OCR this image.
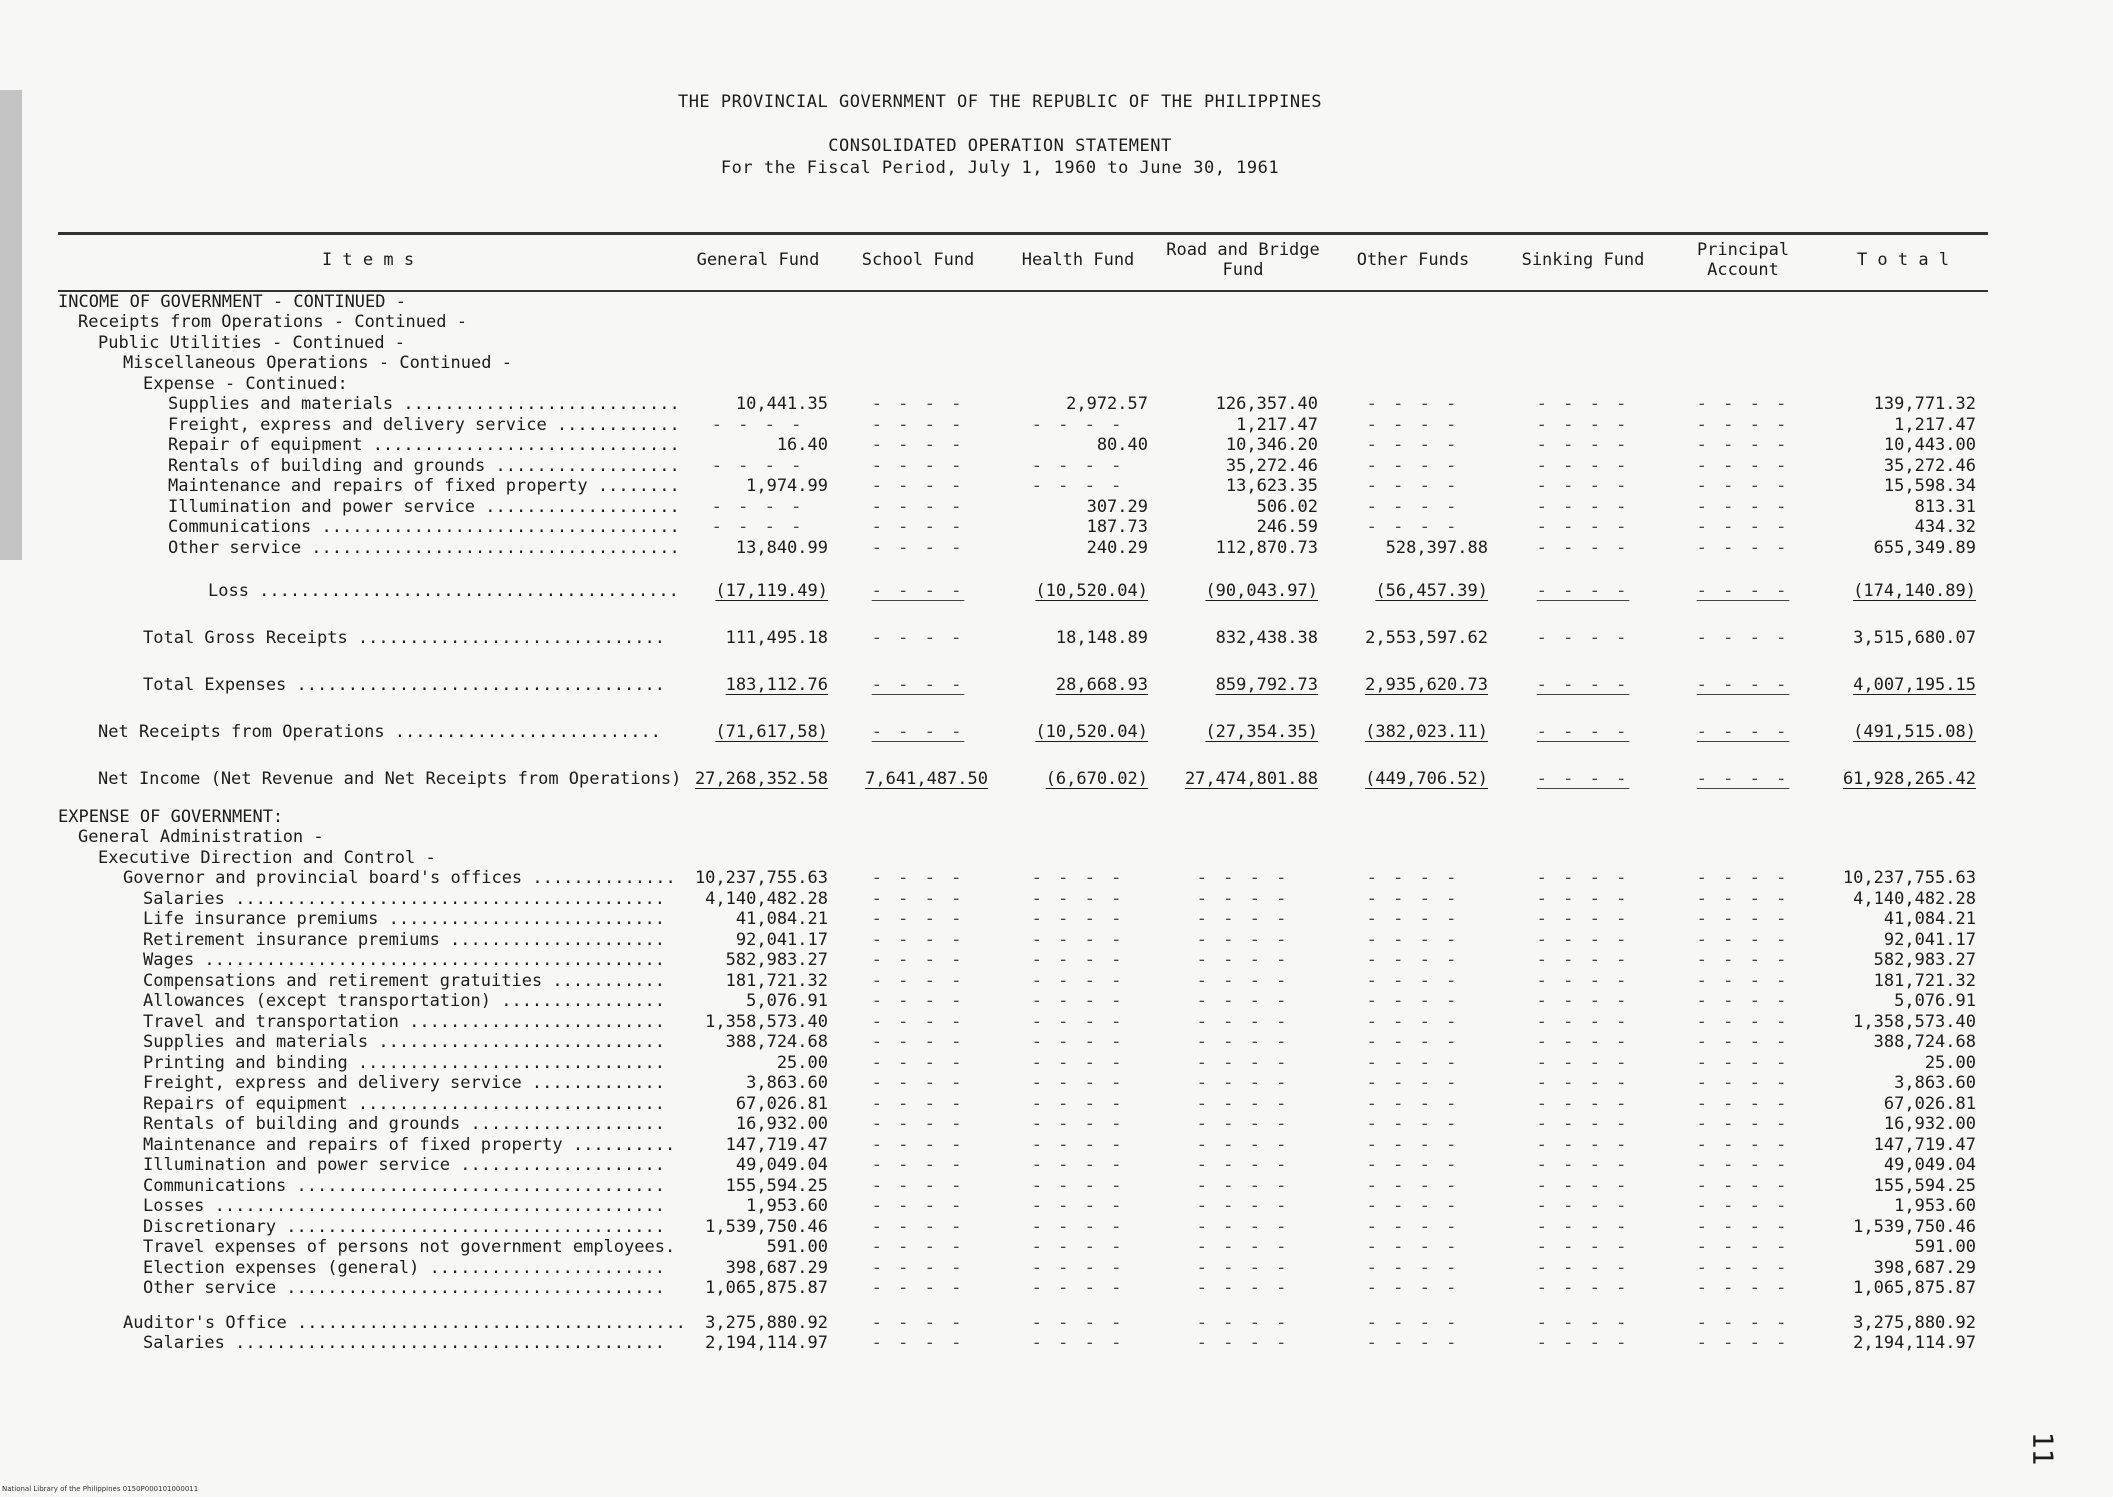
THE PROVINCIAL GOVERNMENT OF THE REPUBLIC OF THE PHILIPPINES
CONSOLIDATED OPERATION STATEMENT
For the Fiscal Period, July 1, 1960 to June 30, 1961
I t e m s	General Fund	School Fund	Health Fund	Road and Bridge Fund	Other Funds	Sinking Fund	Principal Account	T o t a l
INCOME OF GOVERNMENT - CONTINUED -								
Receipts from Operations - Continued -								
Public Utilities - Continued -								
Miscellaneous Operations - Continued -								
Expense - Continued:								
Supplies and materials ...........................	10,441.35	- - - -	2,972.57	126,357.40	- - - -	- - - -	- - - -	139,771.32
Freight, express and delivery service ............	- - - -	- - - -	- - - -	1,217.47	- - - -	- - - -	- - - -	1,217.47
Repair of equipment ..............................	16.40	- - - -	80.40	10,346.20	- - - -	- - - -	- - - -	10,443.00
Rentals of building and grounds ..................	- - - -	- - - -	- - - -	35,272.46	- - - -	- - - -	- - - -	35,272.46
Maintenance and repairs of fixed property ........	1,974.99	- - - -	- - - -	13,623.35	- - - -	- - - -	- - - -	15,598.34
Illumination and power service ...................	- - - -	- - - -	307.29	506.02	- - - -	- - - -	- - - -	813.31
Communications ...................................	- - - -	- - - -	187.73	246.59	- - - -	- - - -	- - - -	434.32
Other service ....................................	13,840.99	- - - -	240.29	112,870.73	528,397.88	- - - -	- - - -	655,349.89
Loss .........................................	(17,119.49)	- - - -	(10,520.04)	(90,043.97)	(56,457.39)	- - - -	- - - -	(174,140.89)
Total Gross Receipts ..............................	111,495.18	- - - -	18,148.89	832,438.38	2,553,597.62	- - - -	- - - -	3,515,680.07
Total Expenses ....................................	183,112.76	- - - -	28,668.93	859,792.73	2,935,620.73	- - - -	- - - -	4,007,195.15
Net Receipts from Operations ..........................	(71,617,58)	- - - -	(10,520.04)	(27,354.35)	(382,023.11)	- - - -	- - - -	(491,515.08)
Net Income (Net Revenue and Net Receipts from Operations)	27,268,352.58	7,641,487.50	(6,670.02)	27,474,801.88	(449,706.52)	- - - -	- - - -	61,928,265.42
EXPENSE OF GOVERNMENT:								
General Administration -								
Executive Direction and Control -								
Governor and provincial board's offices ..............	10,237,755.63	- - - -	- - - -	- - - -	- - - -	- - - -	- - - -	10,237,755.63
Salaries ..........................................	4,140,482.28	- - - -	- - - -	- - - -	- - - -	- - - -	- - - -	4,140,482.28
Life insurance premiums ...........................	41,084.21	- - - -	- - - -	- - - -	- - - -	- - - -	- - - -	41,084.21
Retirement insurance premiums .....................	92,041.17	- - - -	- - - -	- - - -	- - - -	- - - -	- - - -	92,041.17
Wages .............................................	582,983.27	- - - -	- - - -	- - - -	- - - -	- - - -	- - - -	582,983.27
Compensations and retirement gratuities ...........	181,721.32	- - - -	- - - -	- - - -	- - - -	- - - -	- - - -	181,721.32
Allowances (except transportation) ................	5,076.91	- - - -	- - - -	- - - -	- - - -	- - - -	- - - -	5,076.91
Travel and transportation .........................	1,358,573.40	- - - -	- - - -	- - - -	- - - -	- - - -	- - - -	1,358,573.40
Supplies and materials ............................	388,724.68	- - - -	- - - -	- - - -	- - - -	- - - -	- - - -	388,724.68
Printing and binding ..............................	25.00	- - - -	- - - -	- - - -	- - - -	- - - -	- - - -	25.00
Freight, express and delivery service .............	3,863.60	- - - -	- - - -	- - - -	- - - -	- - - -	- - - -	3,863.60
Repairs of equipment ..............................	67,026.81	- - - -	- - - -	- - - -	- - - -	- - - -	- - - -	67,026.81
Rentals of building and grounds ...................	16,932.00	- - - -	- - - -	- - - -	- - - -	- - - -	- - - -	16,932.00
Maintenance and repairs of fixed property ..........	147,719.47	- - - -	- - - -	- - - -	- - - -	- - - -	- - - -	147,719.47
Illumination and power service ....................	49,049.04	- - - -	- - - -	- - - -	- - - -	- - - -	- - - -	49,049.04
Communications ....................................	155,594.25	- - - -	- - - -	- - - -	- - - -	- - - -	- - - -	155,594.25
Losses ............................................	1,953.60	- - - -	- - - -	- - - -	- - - -	- - - -	- - - -	1,953.60
Discretionary .....................................	1,539,750.46	- - - -	- - - -	- - - -	- - - -	- - - -	- - - -	1,539,750.46
Travel expenses of persons not government employees.	591.00	- - - -	- - - -	- - - -	- - - -	- - - -	- - - -	591.00
Election expenses (general) .......................	398,687.29	- - - -	- - - -	- - - -	- - - -	- - - -	- - - -	398,687.29
Other service .....................................	1,065,875.87	- - - -	- - - -	- - - -	- - - -	- - - -	- - - -	1,065,875.87

Auditor's Office ......................................	3,275,880.92	- - - -	- - - -	- - - -	- - - -	- - - -	- - - -	3,275,880.92
Salaries ..........................................	2,194,114.97	- - - -	- - - -	- - - -	- - - -	- - - -	- - - -	2,194,114.97
11
National Library of the Philippines 0150P000101000011
